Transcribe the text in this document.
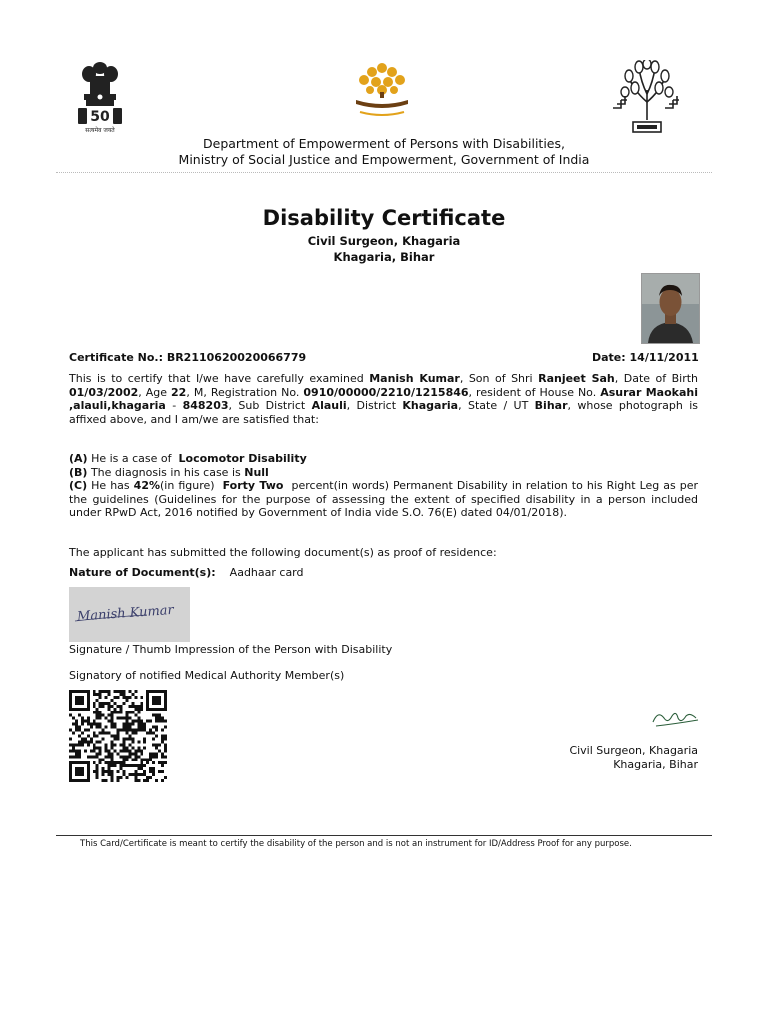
50
सत्यमेव जयते
Department of Empowerment of Persons with Disabilities,
Ministry of Social Justice and Empowerment, Government of India
Disability Certificate
Civil Surgeon, Khagaria
Khagaria, Bihar
Certificate No.: BR2110620020066779	Date: 14/11/2011
This is to certify that I/we have carefully examined Manish Kumar, Son of Shri Ranjeet Sah, Date of Birth 01/03/2002, Age 22, M, Registration No. 0910/00000/2210/1215846, resident of House No. Asurar Maokahi ,alauli,khagaria - 848203, Sub District Alauli, District Khagaria, State / UT Bihar, whose photograph is affixed above, and I am/we are satisfied that:
(A) He is a case of Locomotor Disability
(B) The diagnosis in his case is Null
(C) He has 42%(in figure) Forty Two percent(in words) Permanent Disability in relation to his Right Leg as per the guidelines (Guidelines for the purpose of assessing the extent of specified disability in a person included under RPwD Act, 2016 notified by Government of India vide S.O. 76(E) dated 04/01/2018).
The applicant has submitted the following document(s) as proof of residence:
Nature of Document(s): Aadhaar card
Manish Kumar
Signature / Thumb Impression of the Person with Disability
Signatory of notified Medical Authority Member(s)
Civil Surgeon, Khagaria
Khagaria, Bihar
This Card/Certificate is meant to certify the disability of the person and is not an instrument for ID/Address Proof for any purpose.
